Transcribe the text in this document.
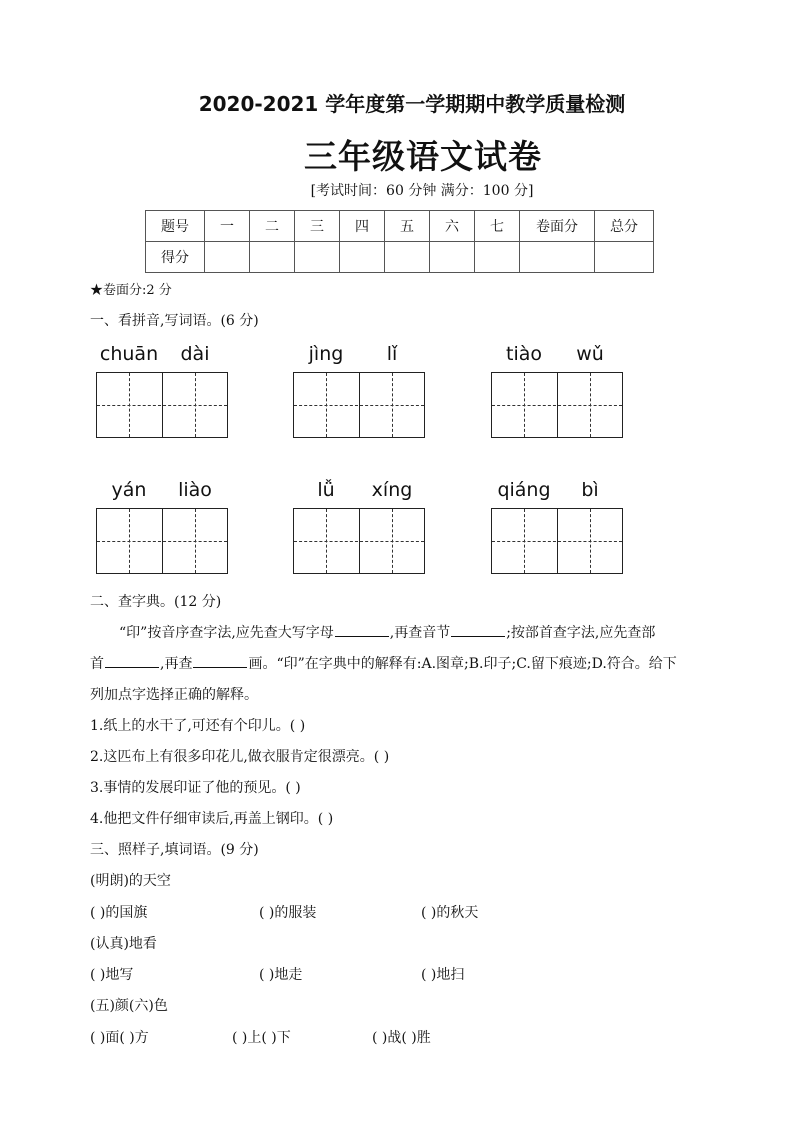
2020-2021 学年度第一学期期中教学质量检测
三年级语文试卷
[考试时间：60 分钟 满分：100 分]
题号	一	二	三	四	五	六	七	卷面分	总分
得分									
★卷面分:2 分
一、看拼音,写词语。(6 分)
chuān	dài	jìng	lǐ	tiào	wǔ
yán	liào	lǚ	xíng	qiáng	bì
二、查字典。(12 分)
“印”按音序查字法,应先查大写字母	,再查音节	;按部首查字法,应先查部
首	,再查	画。“印”在字典中的解释有:A.图章;B.印子;C.留下痕迹;D.符合。给下
列加点字选择正确的解释。
1.纸上的水干了,可还有个印儿。( )
2.这匹布上有很多印花儿,做衣服肯定很漂亮。( )
3.事情的发展印证了他的预见。( )
4.他把文件仔细审读后,再盖上钢印。( )
三、照样子,填词语。(9 分)
(明朗)的天空
( )的国旗	( )的服装	( )的秋天
(认真)地看
( )地写	( )地走	( )地扫
(五)颜(六)色
( )面( )方	( )上( )下	( )战( )胜
